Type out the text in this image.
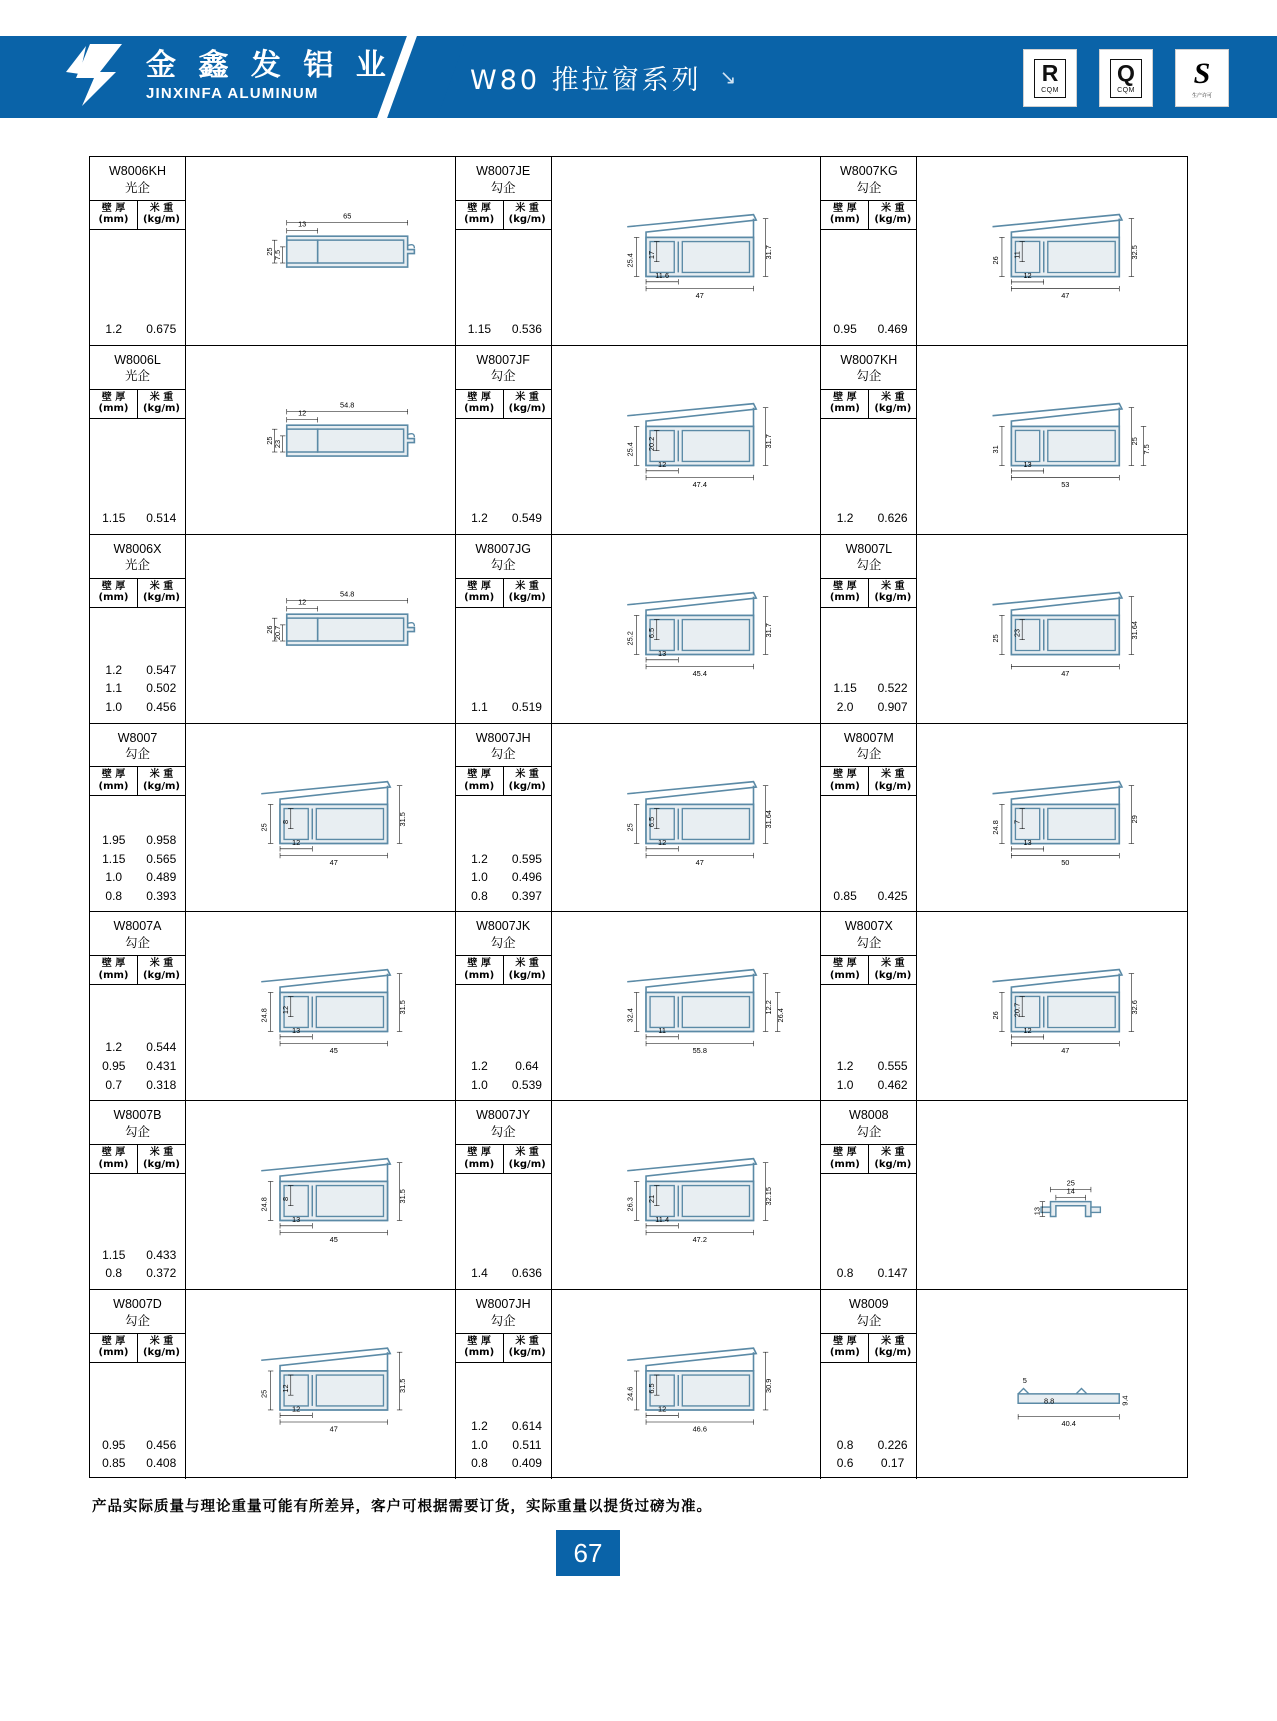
金 鑫 发 铝 业
JINXINFA ALUMINUM	W80 推拉窗系列 ↘	R
CQM
Q
CQM S
生产许可
W8006KH
光企
壁 厚
(mm)
米 重
(kg/m)
1.2	0.675
65
13
25 7.5
W8007JE
勾企
壁 厚
(mm)
米 重
(kg/m)
1.15	0.536
25.4 17	31.7
47
11.6
W8007KG
勾企
壁 厚
(mm)
米 重
(kg/m)
0.95	0.469
26
11	32.5
47
12
W8006L
光企
壁 厚
(mm)
米 重
(kg/m)
1.15	0.514
54.8
12
25 23
W8007JF
勾企
壁 厚
(mm)
米 重
(kg/m)
1.2	0.549
25.4 20.2	31.7
47.4
12
W8007KH
勾企
壁 厚
(mm)
米 重
(kg/m)
1.2	0.626
31
25
7.5
53
13
W8006X
光企
壁 厚
(mm)
米 重
(kg/m)
1.2	0.547
1.1	0.502
1.0	0.456
54.8
12
26 20.7
W8007JG
勾企
壁 厚
(mm)
米 重
(kg/m)
1.1	0.519
25.2 6.5	31.7
45.4
13
W8007L
勾企
壁 厚
(mm)
米 重
(kg/m)
1.15	0.522
2.0	0.907
25
23	31.64
47
W8007
勾企
壁 厚
(mm)
米 重
(kg/m)
1.95	0.958
1.15	0.565
1.0	0.489
0.8	0.393
25
8	31.5
47
12
W8007JH
勾企
壁 厚
(mm)
米 重
(kg/m)
1.2	0.595
1.0	0.496
0.8	0.397
25
6.5	31.64
47
12
W8007M
勾企
壁 厚
(mm)
米 重
(kg/m)
0.85	0.425
24.8 7	29
50
13
W8007A
勾企
壁 厚
(mm)
米 重
(kg/m)
1.2	0.544
0.95	0.431
0.7	0.318
24.8 12	31.5
45
13
W8007JK
勾企
壁 厚
(mm)
米 重
(kg/m)
1.2	0.64
1.0	0.539
32.4
12.2
26.4
55.8
11
W8007X
勾企
壁 厚
(mm)
米 重
(kg/m)
1.2	0.555
1.0	0.462
26 20.7	32.6
47
12
W8007B
勾企
壁 厚
(mm)
米 重
(kg/m)
1.15	0.433
0.8	0.372
24.8 8	31.5
45
13
W8007JY
勾企
壁 厚
(mm)
米 重
(kg/m)
1.4	0.636
26.3 21	32.15
47.2
11.4
W8008
勾企
壁 厚
(mm)
米 重
(kg/m)
0.8	0.147
25
14
13
W8007D
勾企
壁 厚
(mm)
米 重
(kg/m)
0.95	0.456
0.85	0.408
25
12	31.5
47
12
W8007JH
勾企
壁 厚
(mm)
米 重
(kg/m)
1.2	0.614
1.0	0.511
0.8	0.409
24.6 6.5	30.9
46.6
12
W8009
勾企
壁 厚
(mm)
米 重
(kg/m)
0.8	0.226
0.6	0.17
5
8.8	9.4
40.4
产品实际质量与理论重量可能有所差异，客户可根据需要订货，实际重量以提货过磅为准。
67
